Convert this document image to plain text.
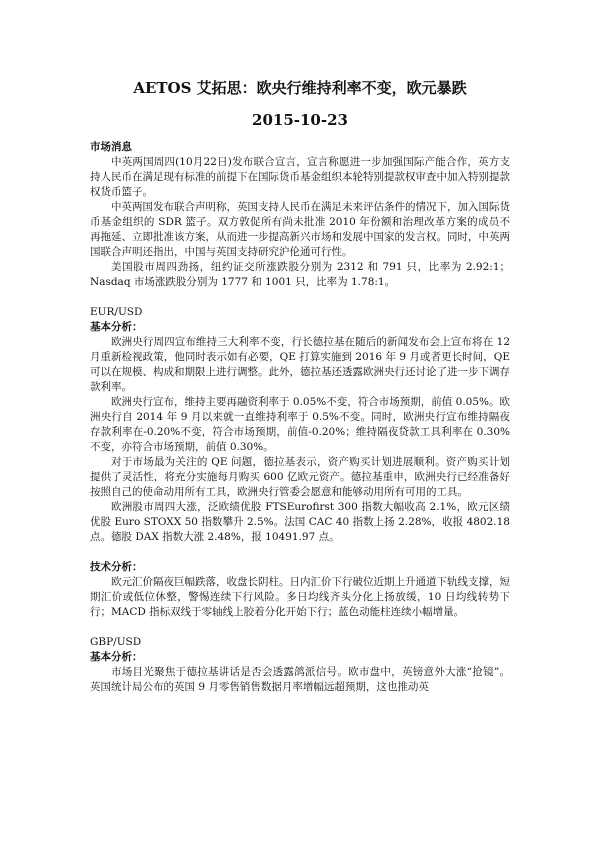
AETOS 艾拓思：欧央行维持利率不变，欧元暴跌
2015-10-23
市场消息

中英两国周四(10月22日)发布联合宣言，宣言称愿进一步加强国际产能合作，英方支持人民币在满足现有标准的前提下在国际货币基金组织本轮特别提款权审查中加入特别提款权货币篮子。

中英两国发布联合声明称，英国支持人民币在满足未来评估条件的情况下，加入国际货币基金组织的 SDR 篮子。双方敦促所有尚未批准 2010 年份额和治理改革方案的成员不再拖延、立即批准该方案，从而进一步提高新兴市场和发展中国家的发言权。同时，中英两国联合声明还指出，中国与英国支持研究沪伦通可行性。

美国股市周四劲扬，纽约证交所涨跌股分别为 2312 和 791 只，比率为 2.92:1；Nasdaq 市场涨跌股分别为 1777 和 1001 只，比率为 1.78:1。

EUR/USD
基本分析：

欧洲央行周四宣布维持三大利率不变，行长德拉基在随后的新闻发布会上宣布将在 12 月重新检视政策，他同时表示如有必要，QE 打算实施到 2016 年 9 月或者更长时间，QE 可以在规模、构成和期限上进行调整。此外，德拉基还透露欧洲央行还讨论了进一步下调存款利率。

欧洲央行宣布，维持主要再融资利率于 0.05%不变，符合市场预期，前值 0.05%。欧洲央行自 2014 年 9 月以来就一直维持利率于 0.5%不变。同时，欧洲央行宣布维持隔夜存款利率在-0.20%不变，符合市场预期，前值-0.20%；维持隔夜贷款工具利率在 0.30%不变，亦符合市场预期，前值 0.30%。

对于市场最为关注的 QE 问题，德拉基表示，资产购买计划进展顺利。资产购买计划提供了灵活性，将充分实施每月购买 600 亿欧元资产。德拉基重申，欧洲央行已经准备好按照自己的使命动用所有工具，欧洲央行管委会愿意和能够动用所有可用的工具。

欧洲股市周四大涨，泛欧绩优股 FTSEurofirst 300 指数大幅收高 2.1%，欧元区绩优股 Euro STOXX 50 指数攀升 2.5%。法国 CAC 40 指数上扬 2.28%，收报 4802.18 点。德股 DAX 指数大涨 2.48%，报 10491.97 点。

技术分析：

欧元汇价隔夜巨幅跌落，收盘长阴柱。日内汇价下行破位近期上升通道下轨线支撑，短期汇价或低位休整，警惕连续下行风险。多日均线齐头分化上扬放缓，10 日均线转势下行；MACD 指标双线于零轴线上胶着分化开始下行；蓝色动能柱连续小幅增量。

GBP/USD
基本分析：

市场目光聚焦于德拉基讲话是否会透露鸽派信号。欧市盘中，英镑意外大涨“抢镜”。英国统计局公布的英国 9 月零售销售数据月率增幅远超预期，这也推动英
